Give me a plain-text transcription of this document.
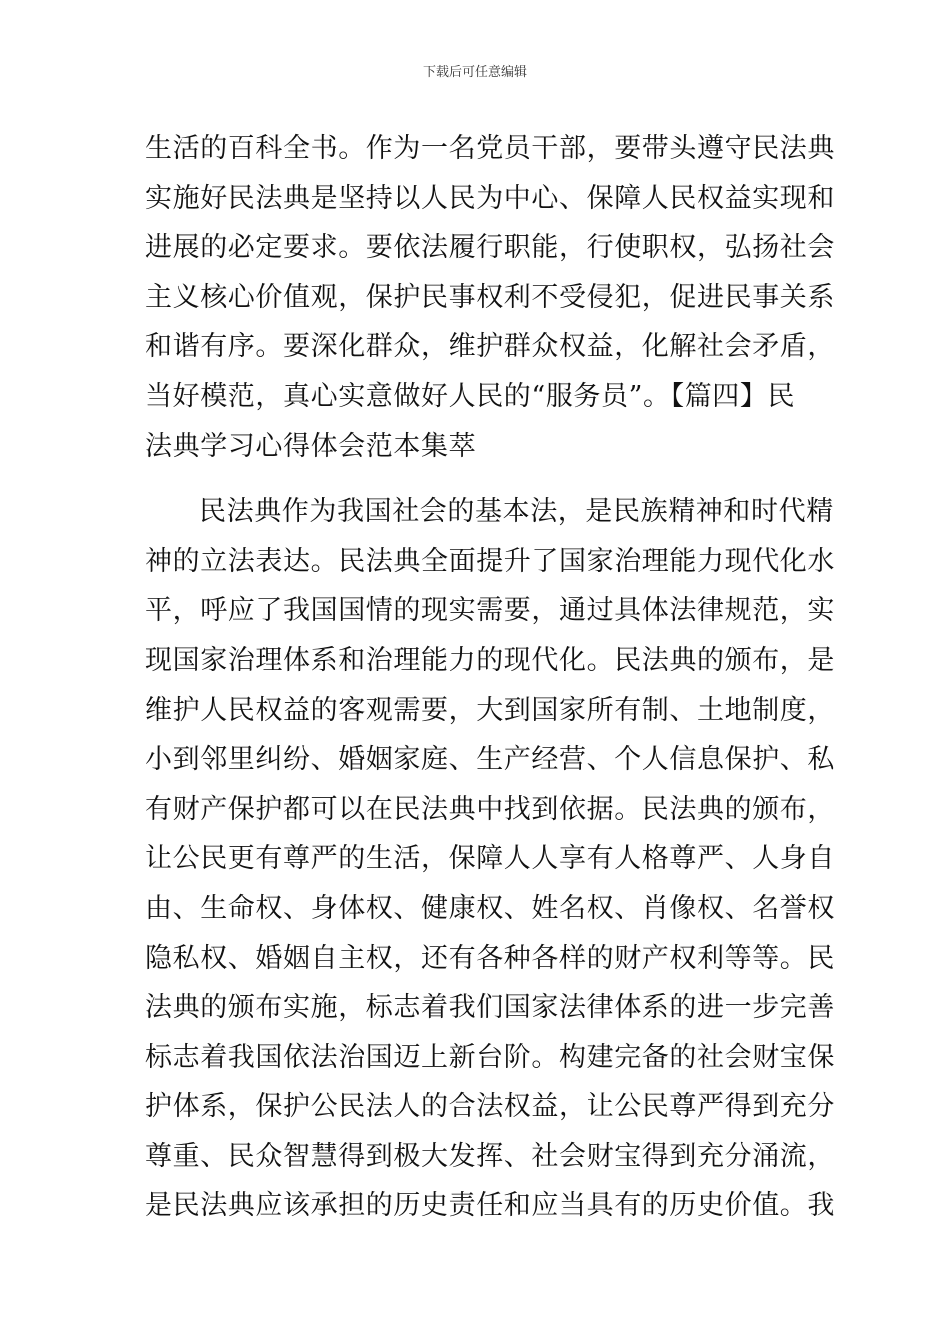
下载后可任意编辑
生活的百科全书。作为一名党员干部，要带头遵守民法典
实施好民法典是坚持以人民为中心、保障人民权益实现和
进展的必定要求。要依法履行职能，行使职权，弘扬社会
主义核心价值观，保护民事权利不受侵犯，促进民事关系
和谐有序。要深化群众，维护群众权益，化解社会矛盾，
当好模范，真心实意做好人民的“服务员”。【篇四】民
法典学习心得体会范本集萃
民法典作为我国社会的基本法，是民族精神和时代精
神的立法表达。民法典全面提升了国家治理能力现代化水
平，呼应了我国国情的现实需要，通过具体法律规范，实
现国家治理体系和治理能力的现代化。民法典的颁布，是
维护人民权益的客观需要，大到国家所有制、土地制度，
小到邻里纠纷、婚姻家庭、生产经营、个人信息保护、私
有财产保护都可以在民法典中找到依据。民法典的颁布，
让公民更有尊严的生活，保障人人享有人格尊严、人身自
由、生命权、身体权、健康权、姓名权、肖像权、名誉权
隐私权、婚姻自主权，还有各种各样的财产权利等等。民
法典的颁布实施，标志着我们国家法律体系的进一步完善
标志着我国依法治国迈上新台阶。构建完备的社会财宝保
护体系，保护公民法人的合法权益，让公民尊严得到充分
尊重、民众智慧得到极大发挥、社会财宝得到充分涌流，
是民法典应该承担的历史责任和应当具有的历史价值。我
